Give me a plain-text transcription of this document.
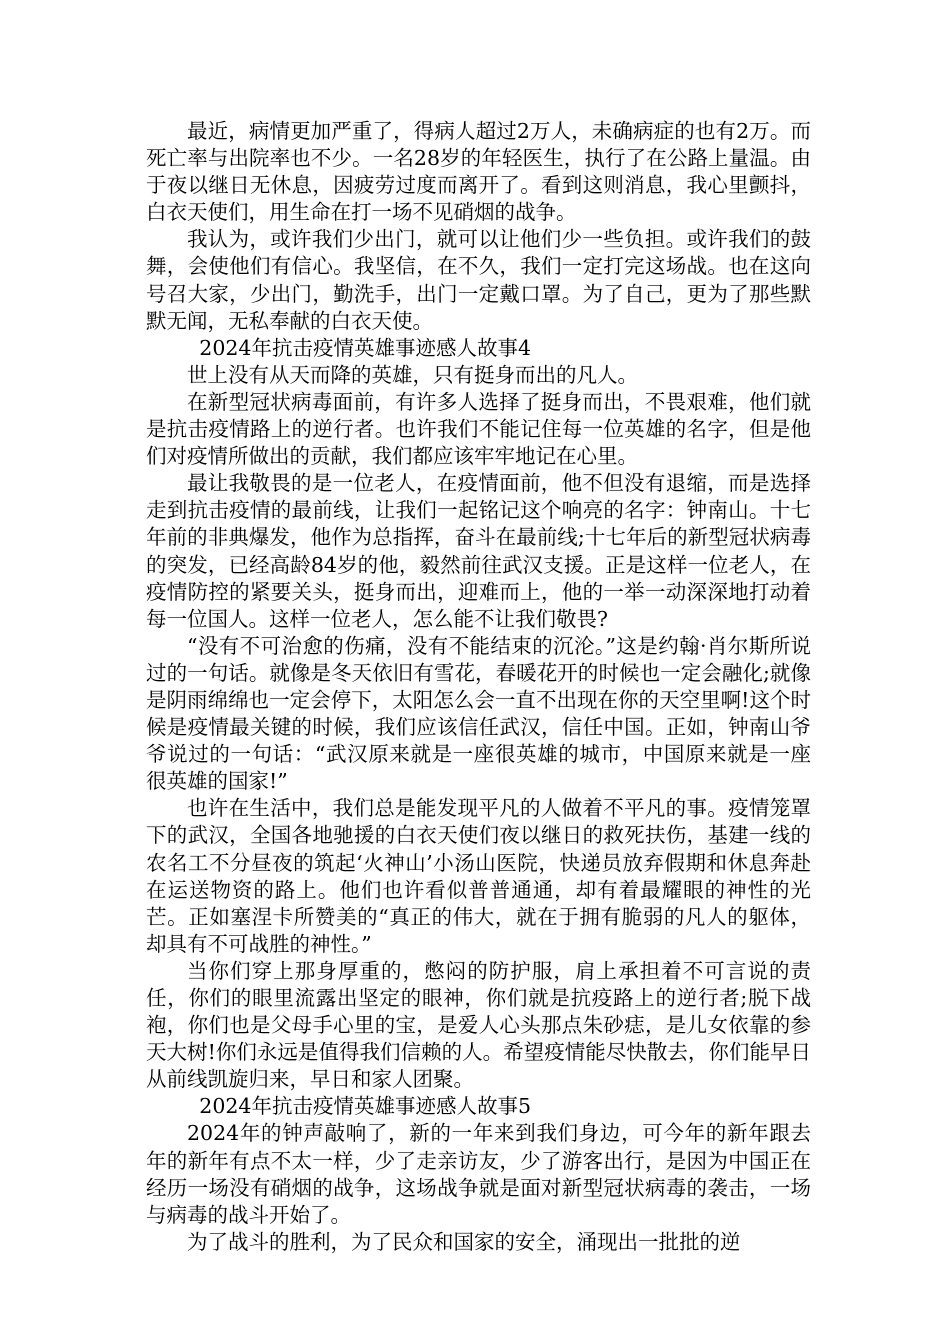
最近，病情更加严重了，得病人超过2万人，未确病症的也有2万。而死亡率与出院率也不少。一名28岁的年轻医生，执行了在公路上量温。由于夜以继日无休息，因疲劳过度而离开了。看到这则消息，我心里颤抖，白衣天使们，用生命在打一场不见硝烟的战争。

我认为，或许我们少出门，就可以让他们少一些负担。或许我们的鼓舞，会使他们有信心。我坚信，在不久，我们一定打完这场战。也在这向号召大家，少出门，勤洗手，出门一定戴口罩。为了自己，更为了那些默默无闻，无私奉献的白衣天使。

2024年抗击疫情英雄事迹感人故事4

世上没有从天而降的英雄，只有挺身而出的凡人。

在新型冠状病毒面前，有许多人选择了挺身而出，不畏艰难，他们就是抗击疫情路上的逆行者。也许我们不能记住每一位英雄的名字，但是他们对疫情所做出的贡献，我们都应该牢牢地记在心里。

最让我敬畏的是一位老人，在疫情面前，他不但没有退缩，而是选择走到抗击疫情的最前线，让我们一起铭记这个响亮的名字：钟南山。十七年前的非典爆发，他作为总指挥，奋斗在最前线;十七年后的新型冠状病毒的突发，已经高龄84岁的他，毅然前往武汉支援。正是这样一位老人，在疫情防控的紧要关头，挺身而出，迎难而上，他的一举一动深深地打动着每一位国人。这样一位老人，怎么能不让我们敬畏?

“没有不可治愈的伤痛，没有不能结束的沉沦。”这是约翰·肖尔斯所说过的一句话。就像是冬天依旧有雪花，春暖花开的时候也一定会融化;就像是阴雨绵绵也一定会停下，太阳怎么会一直不出现在你的天空里啊!这个时候是疫情最关键的时候，我们应该信任武汉，信任中国。正如，钟南山爷爷说过的一句话：“武汉原来就是一座很英雄的城市，中国原来就是一座很英雄的国家!”

也许在生活中，我们总是能发现平凡的人做着不平凡的事。疫情笼罩下的武汉，全国各地驰援的白衣天使们夜以继日的救死扶伤，基建一线的农名工不分昼夜的筑起‘火神山’小汤山医院，快递员放弃假期和休息奔赴在运送物资的路上。他们也许看似普普通通，却有着最耀眼的神性的光芒。正如塞涅卡所赞美的“真正的伟大，就在于拥有脆弱的凡人的躯体，却具有不可战胜的神性。”

当你们穿上那身厚重的，憋闷的防护服，肩上承担着不可言说的责任，你们的眼里流露出坚定的眼神，你们就是抗疫路上的逆行者;脱下战袍，你们也是父母手心里的宝，是爱人心头那点朱砂痣，是儿女依靠的参天大树!你们永远是值得我们信赖的人。希望疫情能尽快散去，你们能早日从前线凯旋归来，早日和家人团聚。

2024年抗击疫情英雄事迹感人故事5

2024年的钟声敲响了，新的一年来到我们身边，可今年的新年跟去年的新年有点不太一样，少了走亲访友，少了游客出行，是因为中国正在经历一场没有硝烟的战争，这场战争就是面对新型冠状病毒的袭击，一场与病毒的战斗开始了。

为了战斗的胜利，为了民众和国家的安全，涌现出一批批的逆
